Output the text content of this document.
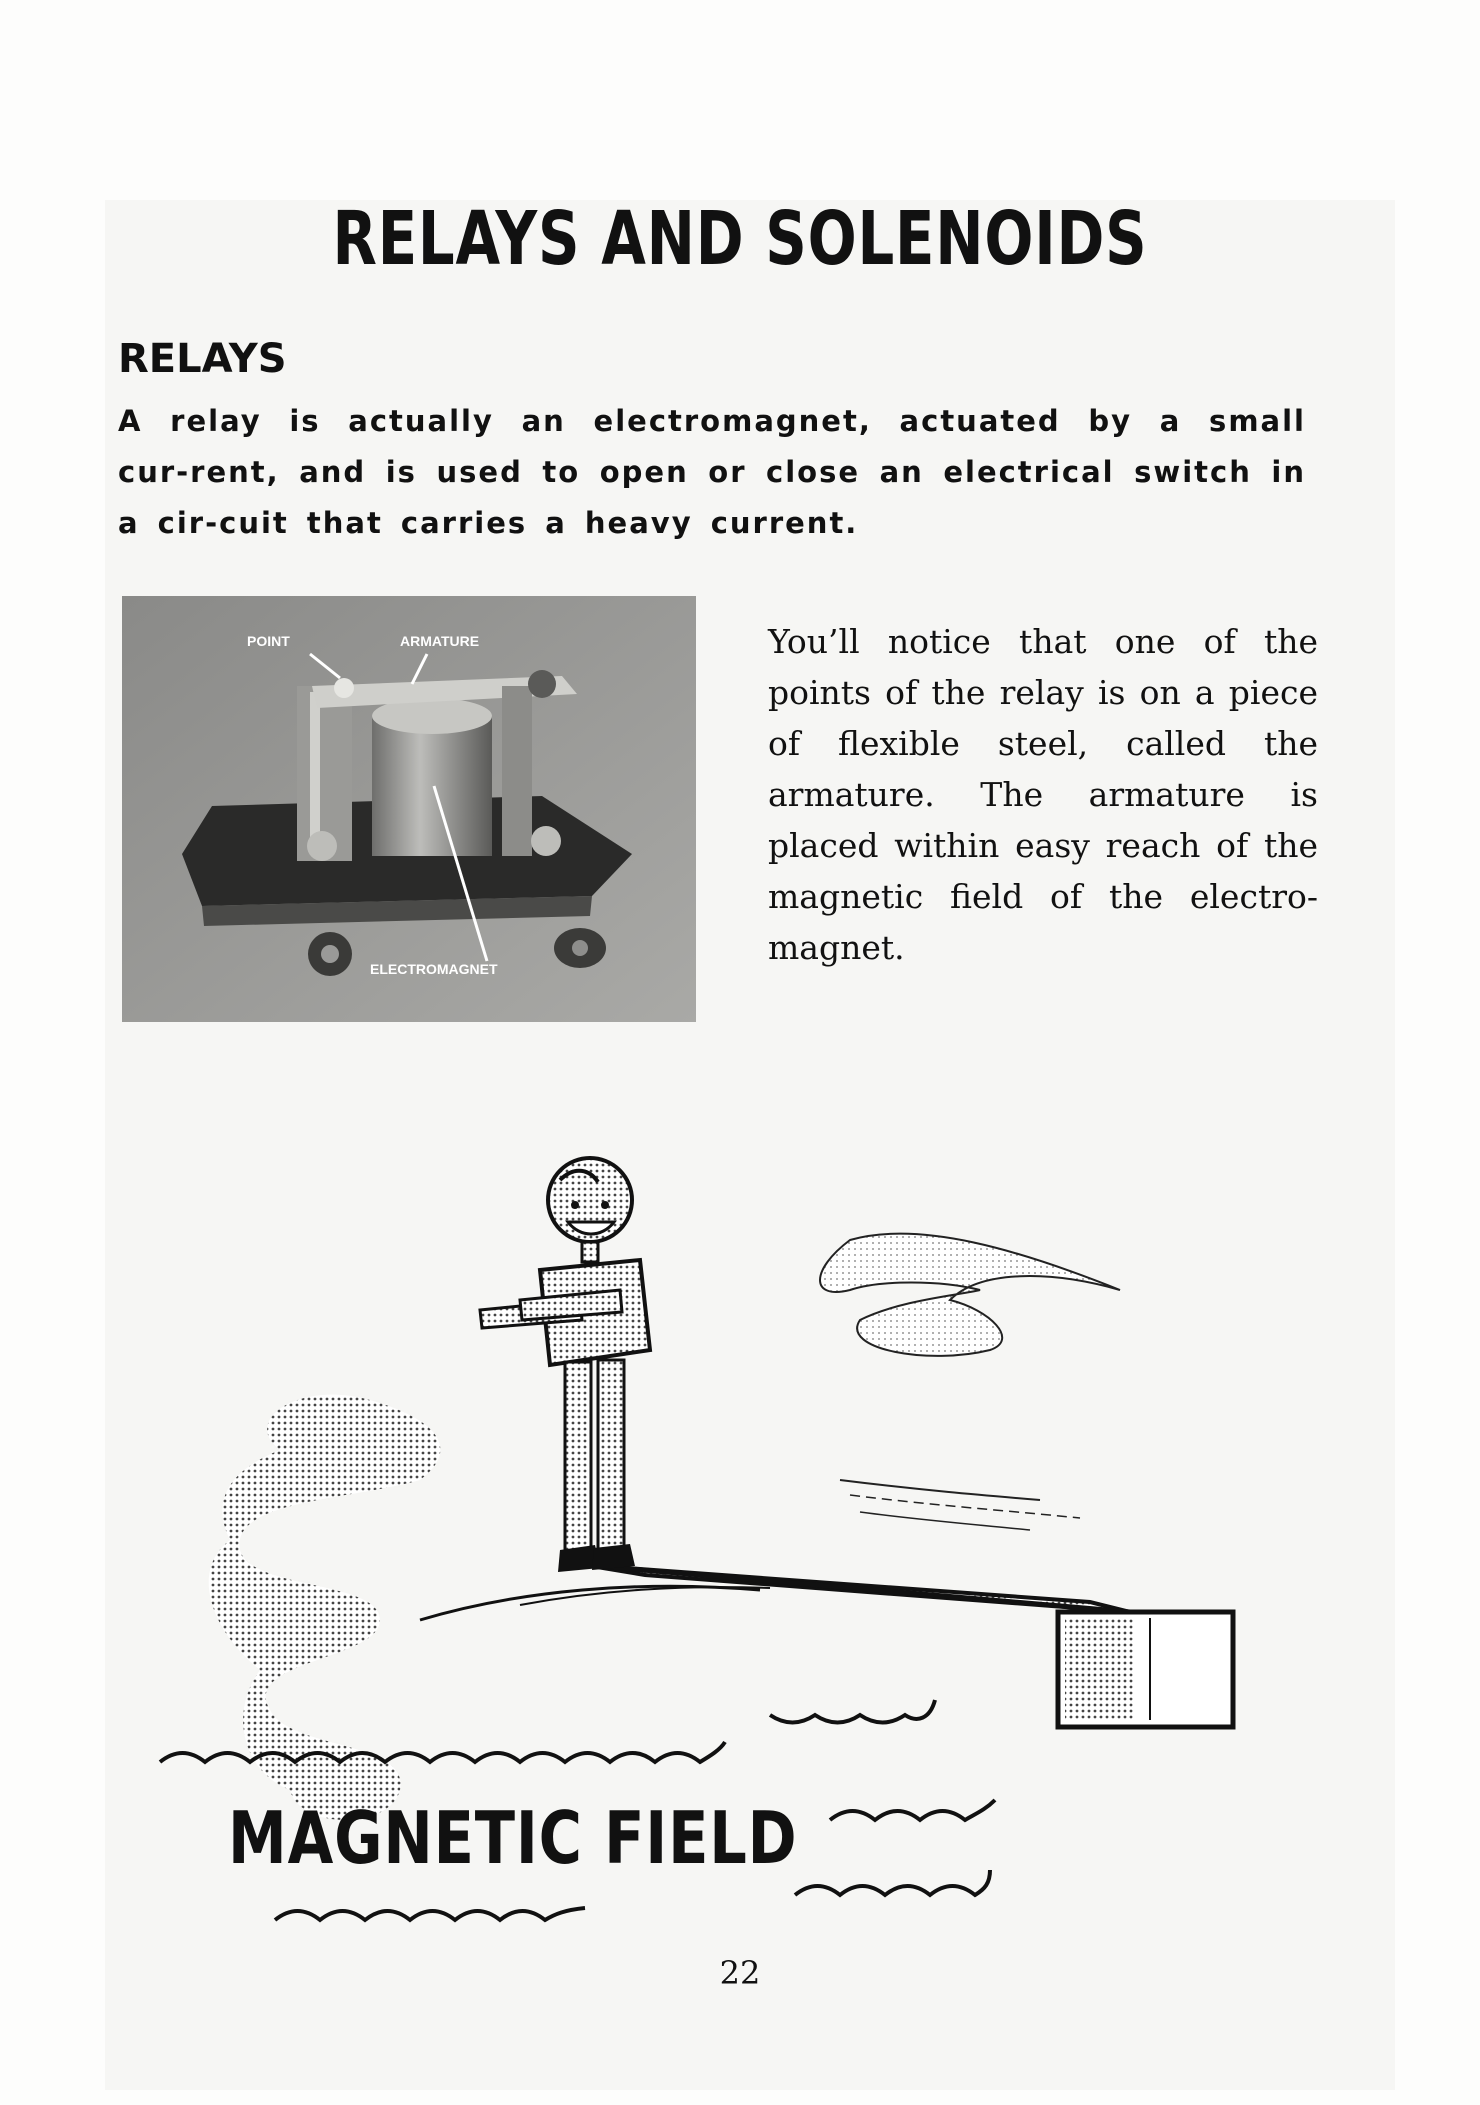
RELAYS AND SOLENOIDS
RELAYS

A relay is actually an electromagnet, actuated by a small cur-rent, and is used to open or close an electrical switch in a cir-cuit that carries a heavy current.

POINT	ARMATURE
ELECTROMAGNET

You’ll notice that one of the points of the relay is on a piece of flexible steel, called the armature. The armature is placed within easy reach of the magnetic field of the electro-magnet.

MAGNETIC FIELD
22
